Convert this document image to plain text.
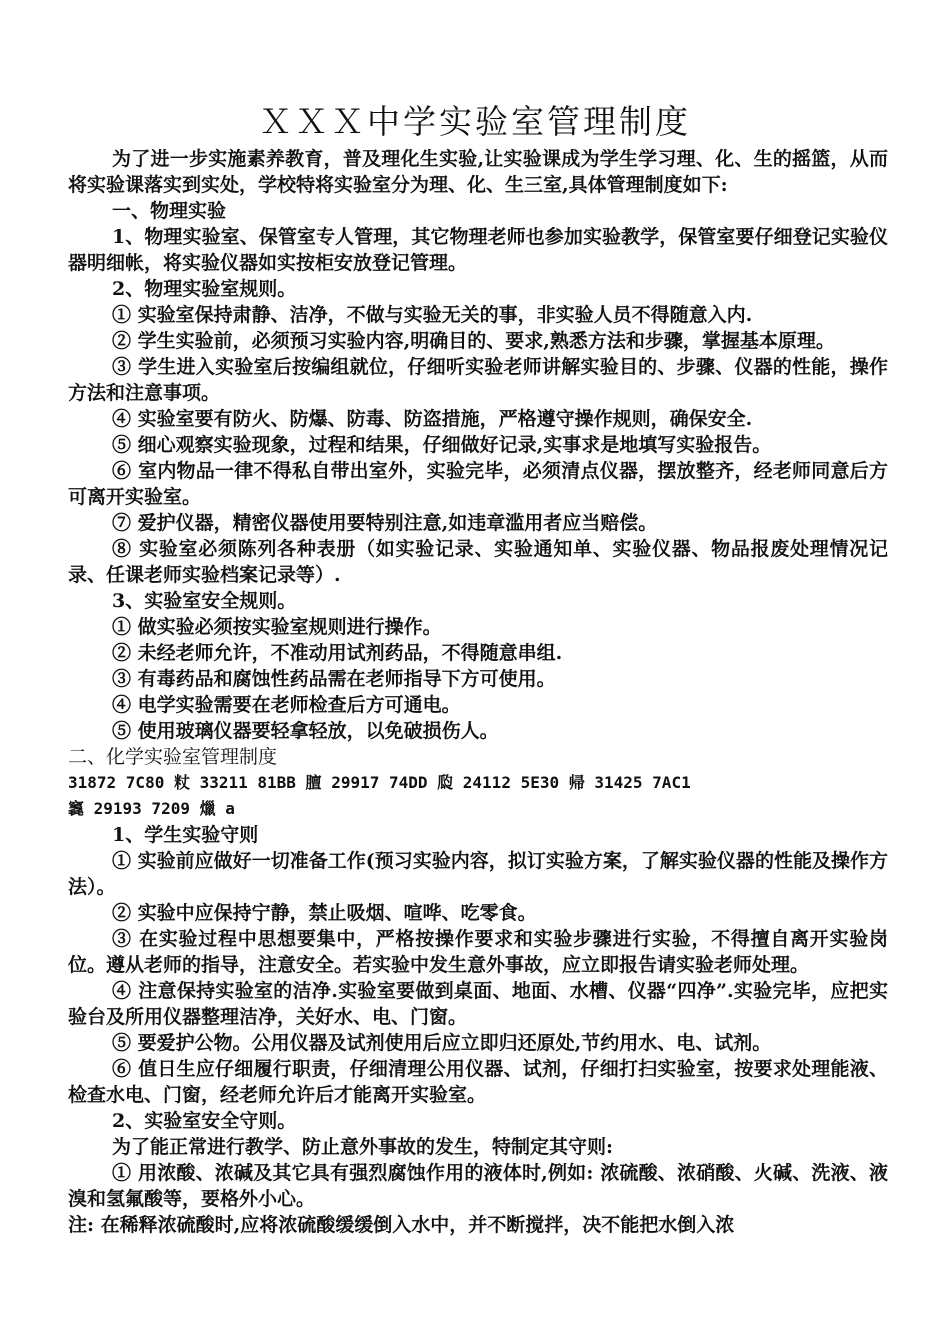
ＸＸＸ中学实验室管理制度

为了进一步实施素养教育，普及理化生实验,让实验课成为学生学习理、化、生的摇篮，从而将实验课落实到实处，学校特将实验室分为理、化、生三室,具体管理制度如下:

一、物理实验

1、物理实验室、保管室专人管理，其它物理老师也参加实验教学，保管室要仔细登记实验仪器明细帐，将实验仪器如实按柜安放登记管理。

2、物理实验室规则。

① 实验室保持肃静、洁净，不做与实验无关的事，非实验人员不得随意入内.

② 学生实验前，必须预习实验内容,明确目的、要求,熟悉方法和步骤，掌握基本原理。

③ 学生进入实验室后按编组就位，仔细听实验老师讲解实验目的、步骤、仪器的性能，操作方法和注意事项。

④ 实验室要有防火、防爆、防毒、防盗措施，严格遵守操作规则，确保安全.

⑤ 细心观察实验现象，过程和结果，仔细做好记录,实事求是地填写实验报告。

⑥ 室内物品一律不得私自带出室外，实验完毕，必须清点仪器，摆放整齐，经老师同意后方可离开实验室。

⑦ 爱护仪器，精密仪器使用要特别注意,如违章滥用者应当赔偿。

⑧ 实验室必须陈列各种表册（如实验记录、实验通知单、实验仪器、物品报废处理情况记录、任课老师实验档案记录等）.

3、实验室安全规则。

① 做实验必须按实验室规则进行操作。

② 未经老师允许，不准动用试剂药品，不得随意串组.

③ 有毒药品和腐蚀性药品需在老师指导下方可使用。

④ 电学实验需要在老师检查后方可通电。

⑤ 使用玻璃仪器要轻拿轻放，以免破损伤人。

二、化学实验室管理制度

31872 7C80 粀 33211 81BB 膻 29917 74DD 瓝 24112 5E30 帰 31425 7AC1

竁 29193 7209 爉 a

1、学生实验守则

① 实验前应做好一切准备工作(预习实验内容，拟订实验方案，了解实验仪器的性能及操作方法）。

② 实验中应保持宁静，禁止吸烟、喧哗、吃零食。

③ 在实验过程中思想要集中，严格按操作要求和实验步骤进行实验，不得擅自离开实验岗位。遵从老师的指导，注意安全。若实验中发生意外事故，应立即报告请实验老师处理。

④ 注意保持实验室的洁净.实验室要做到桌面、地面、水槽、仪器“四净”.实验完毕，应把实验台及所用仪器整理洁净，关好水、电、门窗。

⑤ 要爱护公物。公用仪器及试剂使用后应立即归还原处,节约用水、电、试剂。

⑥ 值日生应仔细履行职责，仔细清理公用仪器、试剂，仔细打扫实验室，按要求处理能液、检查水电、门窗，经老师允许后才能离开实验室。

2、实验室安全守则。

为了能正常进行教学、防止意外事故的发生，特制定其守则:

① 用浓酸、浓碱及其它具有强烈腐蚀作用的液体时,例如: 浓硫酸、浓硝酸、火碱、洗液、液溴和氢氟酸等，要格外小心。

注: 在稀释浓硫酸时,应将浓硫酸缓缓倒入水中，并不断搅拌，决不能把水倒入浓
